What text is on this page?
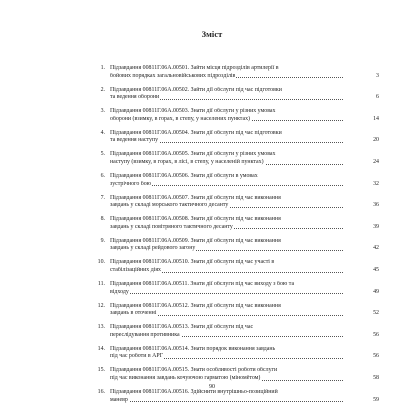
Зміст
1. Підзавдання 00811Г.06А.00501. Зайти місця підрозділів артилерії в
бойових порядках загальновійськових підрозділів	3
2. Підзавдання 00811Г.06А.00502. Зайти дії обслуги під час підготовки
та ведення оборони	6
3. Підзавдання 00811Г.06А.00503. Знати дії обслуги у різних умовах
оборони (взимку, в горах, в степу, у населених пунктах)	14
4. Підзавдання 00811Г.06А.00504. Знати дії обслуги під час підготовки
та ведення наступу	20
5. Підзавдання 00811Г.06А.00505. Знати дії обслуги у різних умовах
наступу (взимку, в горах, в лісі, в степу, у населеній пунктах)	24
6. Підзавдання 00811Г.06А.00506. Знати дії обслуги в умовах
зустрічного бою	32
7. Підзавдання 00811Г.06А.00507. Знати дії обслуги під час виконання
завдань у складі морського тактичного десанту	36
8. Підзавдання 00811Г.06А.00508. Знати дії обслуги під час виконання
завдань у складі повітряного тактичного десанту	39
9. Підзавдання 00811Г.06А.00509. Знати дії обслуги під час виконання
завдань у складі рейдового загону	42
10. Підзавдання 00811Г.06А.00510. Знати дії обслуги під час участі в
стабілізаційних діях	45
11. Підзавдання 00811Г.06А.00511. Знати дії обслуги під час виходу з бою та
відходу	49
12. Підзавдання 00811Г.06А.00512. Знати дії обслуги під час виконання
завдань в оточенні	52
13. Підзавдання 00811Г.06А.00513. Знати дії обслуги під час
переслідування противника	56
14. Підзавдання 00811Г.06А.00514. Знати порядок виконання завдань
під час роботи в АРГ	56
15. Підзавдання 00811Г.06А.00515. Знати особливості роботи обслуги
під час виконання завдань кочуючою гарматою (міномётом)	58
16. Підзавдання 00811Г.06А.00516. Здійснити внутрішньо-позиційний
маневр	59
90
